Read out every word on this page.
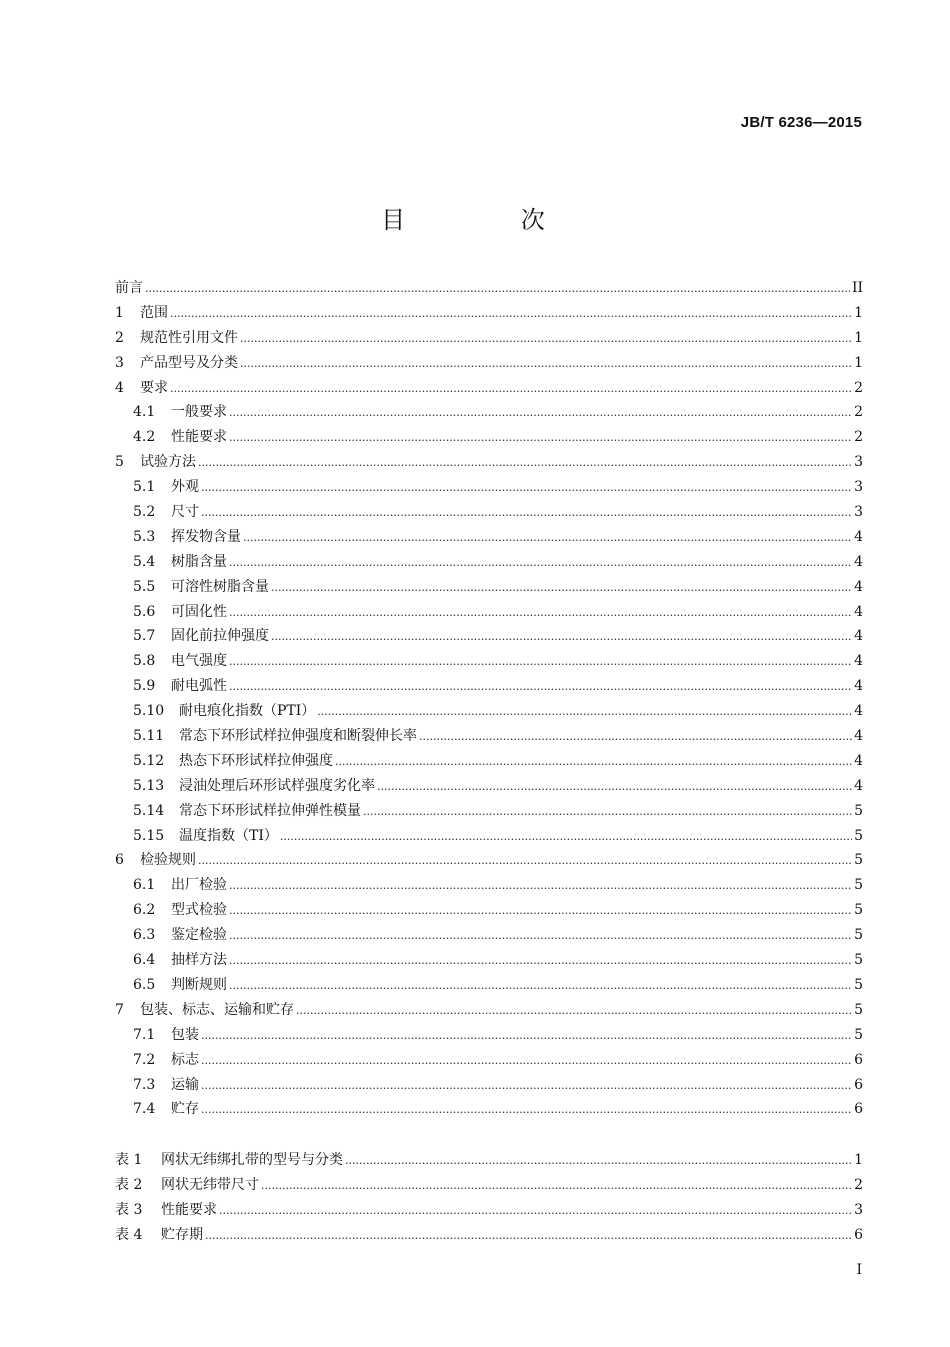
JB/T 6236—2015
目 次
前言 .....	II
1	范围 .....	1
2	规范性引用文件 .....	1
3	产品型号及分类 .....	1
4	要求 .....	2
4.1	一般要求 .....	2
4.2	性能要求 .....	2
5	试验方法 .....	3
5.1	外观 .....	3
5.2	尺寸 .....	3
5.3	挥发物含量 .....	4
5.4	树脂含量 .....	4
5.5	可溶性树脂含量 .....	4
5.6	可固化性 .....	4
5.7	固化前拉伸强度 .....	4
5.8	电气强度 .....	4
5.9	耐电弧性 .....	4
5.10	耐电痕化指数（PTI） .....	4
5.11	常态下环形试样拉伸强度和断裂伸长率 .....	4
5.12	热态下环形试样拉伸强度 .....	4
5.13	浸油处理后环形试样强度劣化率 .....	4
5.14	常态下环形试样拉伸弹性模量 .....	5
5.15	温度指数（TI） .....	5
6	检验规则 .....	5
6.1	出厂检验 .....	5
6.2	型式检验 .....	5
6.3	鉴定检验 .....	5
6.4	抽样方法 .....	5
6.5	判断规则 .....	5
7	包装、标志、运输和贮存 .....	5
7.1	包装 .....	5
7.2	标志 .....	6
7.3	运输 .....	6
7.4	贮存 .....	6
表 1	网状无纬绑扎带的型号与分类 .....	1
表 2	网状无纬带尺寸 .....	2
表 3	性能要求 .....	3
表 4	贮存期 .....	6
I
